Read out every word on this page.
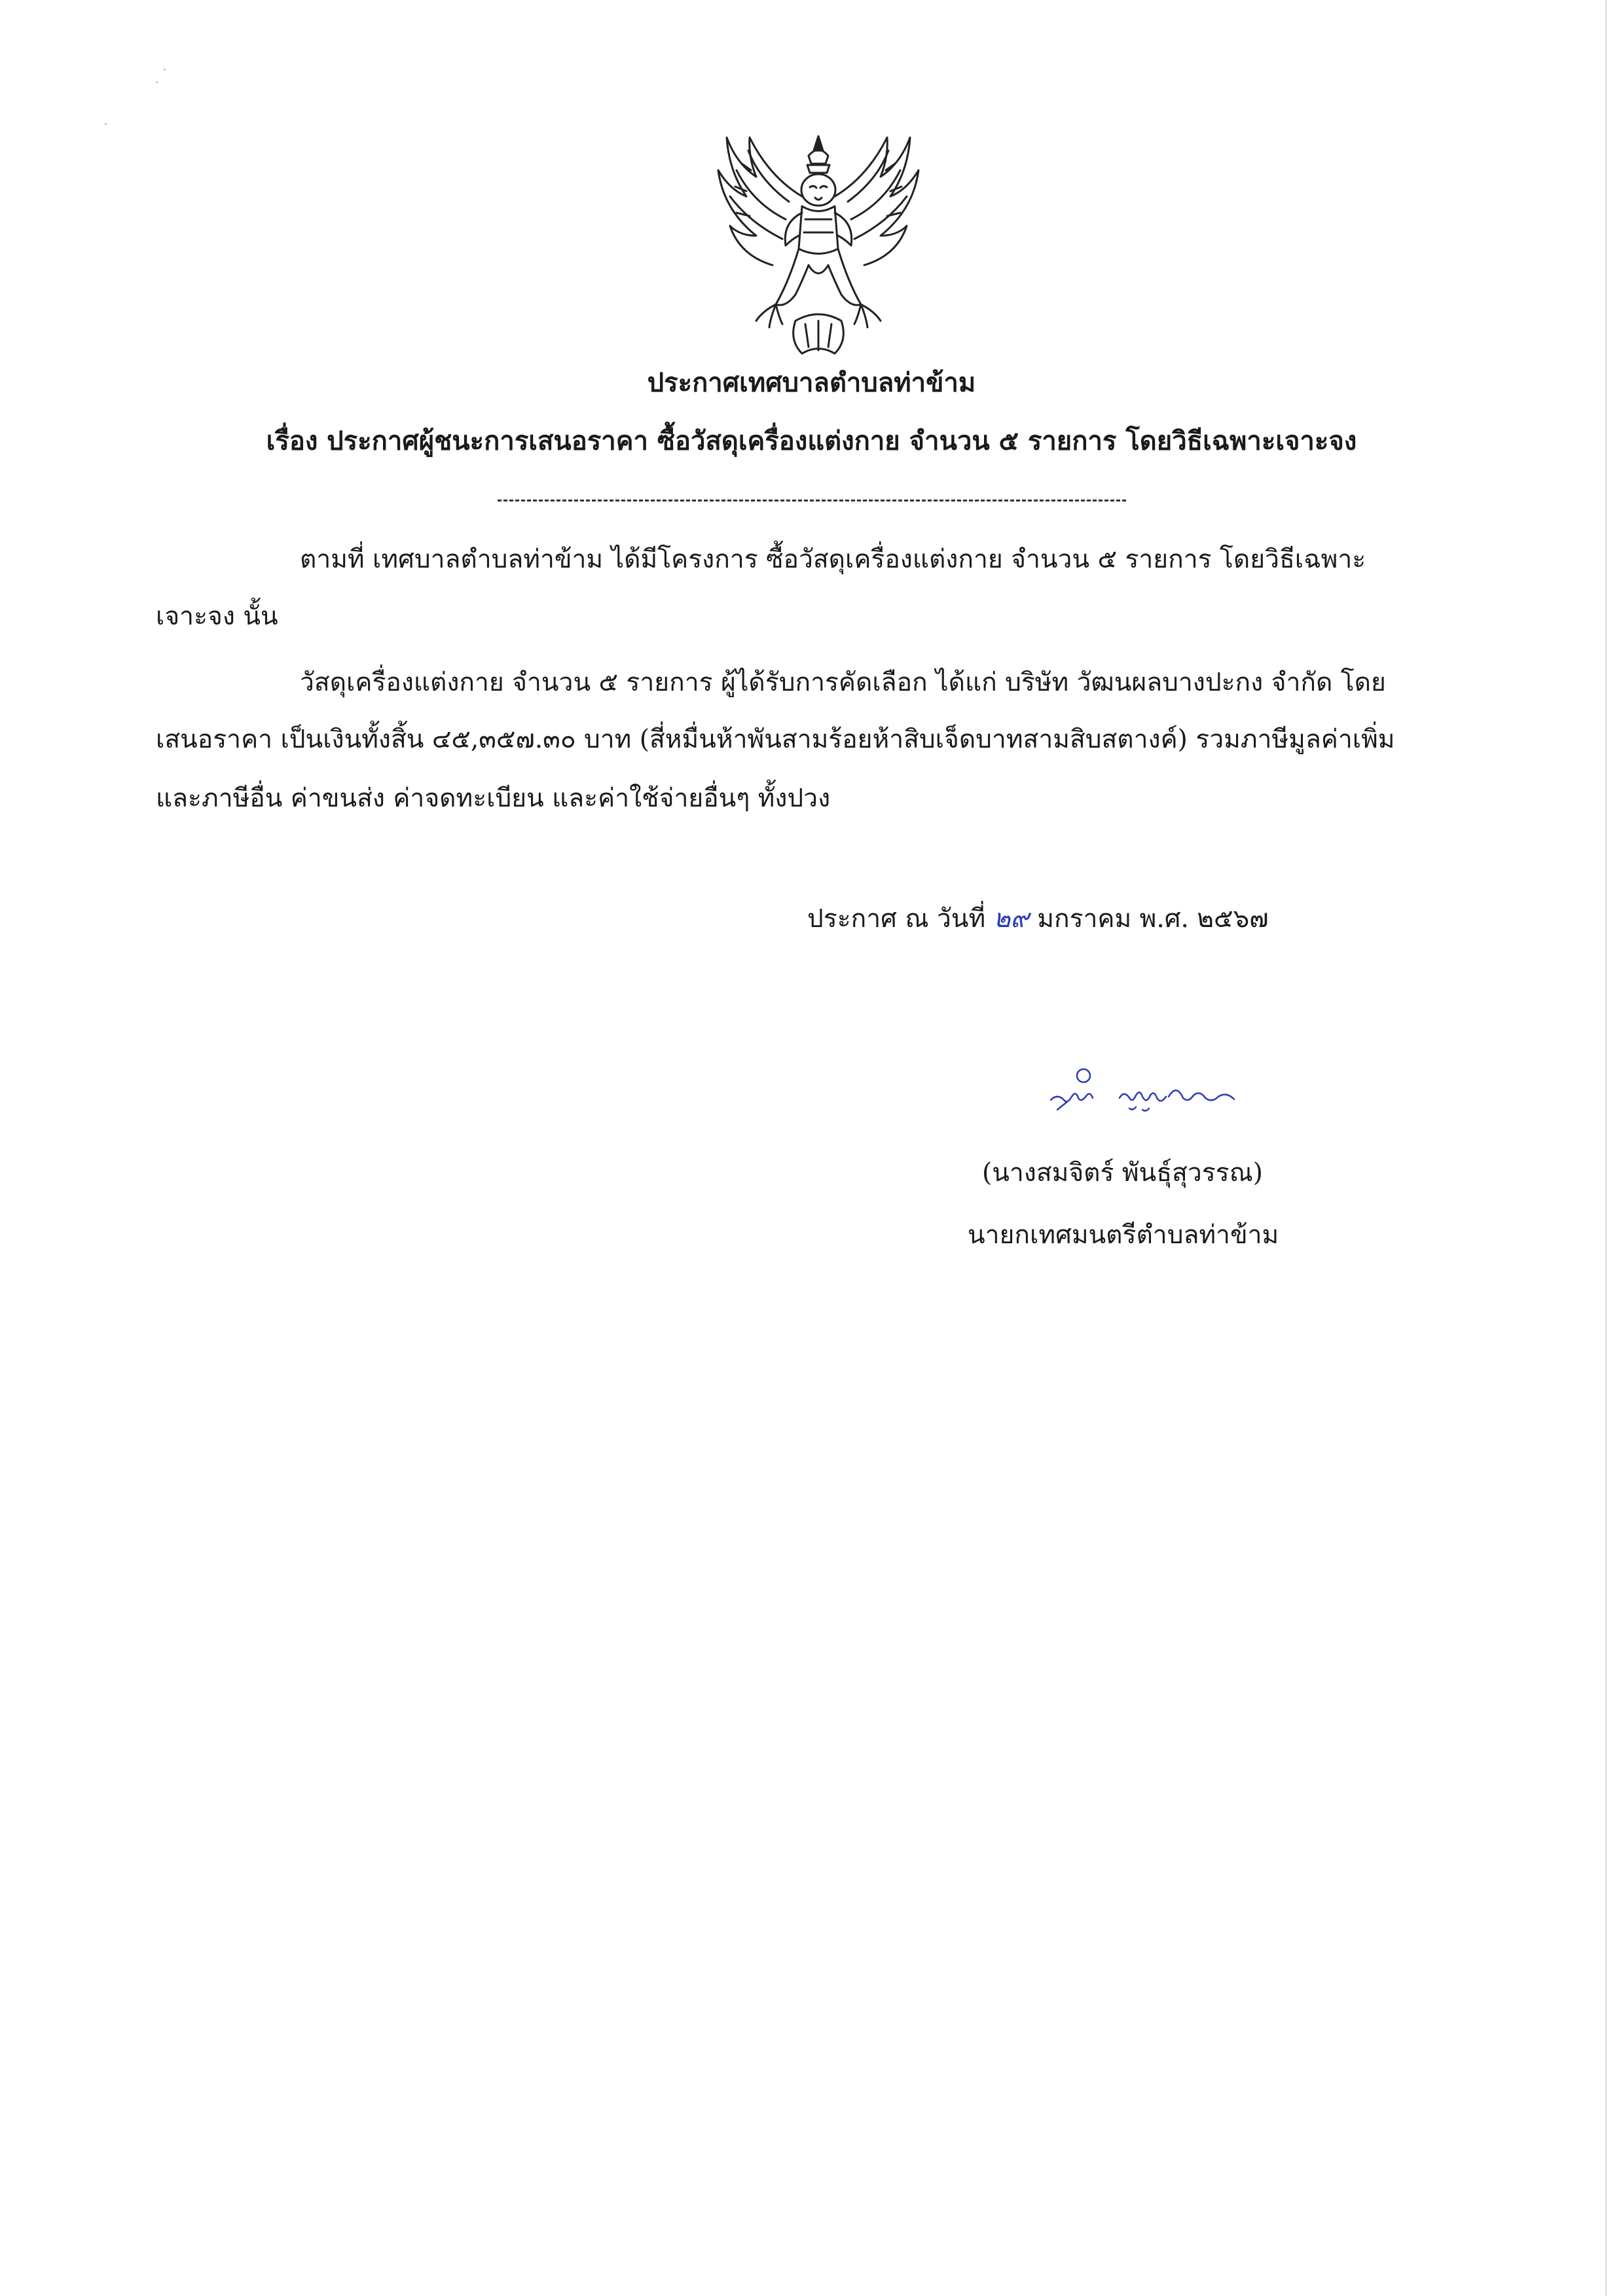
ประกาศเทศบาลตำบลท่าข้าม
เรื่อง ประกาศผู้ชนะการเสนอราคา ซื้อวัสดุเครื่องแต่งกาย จำนวน ๕ รายการ โดยวิธีเฉพาะเจาะจง
ตามที่ เทศบาลตำบลท่าข้าม ได้มีโครงการ ซื้อวัสดุเครื่องแต่งกาย จำนวน ๕ รายการ โดยวิธีเฉพาะ
เจาะจง นั้น
วัสดุเครื่องแต่งกาย จำนวน ๕ รายการ ผู้ได้รับการคัดเลือก ได้แก่ บริษัท วัฒนผลบางปะกง จำกัด โดย
เสนอราคา เป็นเงินทั้งสิ้น ๔๕,๓๕๗.๓๐ บาท (สี่หมื่นห้าพันสามร้อยห้าสิบเจ็ดบาทสามสิบสตางค์) รวมภาษีมูลค่าเพิ่ม
และภาษีอื่น ค่าขนส่ง ค่าจดทะเบียน และค่าใช้จ่ายอื่นๆ ทั้งปวง
ประกาศ ณ วันที่ ๒๙ มกราคม พ.ศ. ๒๕๖๗
(นางสมจิตร์ พันธุ์สุวรรณ)
นายกเทศมนตรีตำบลท่าข้าม
